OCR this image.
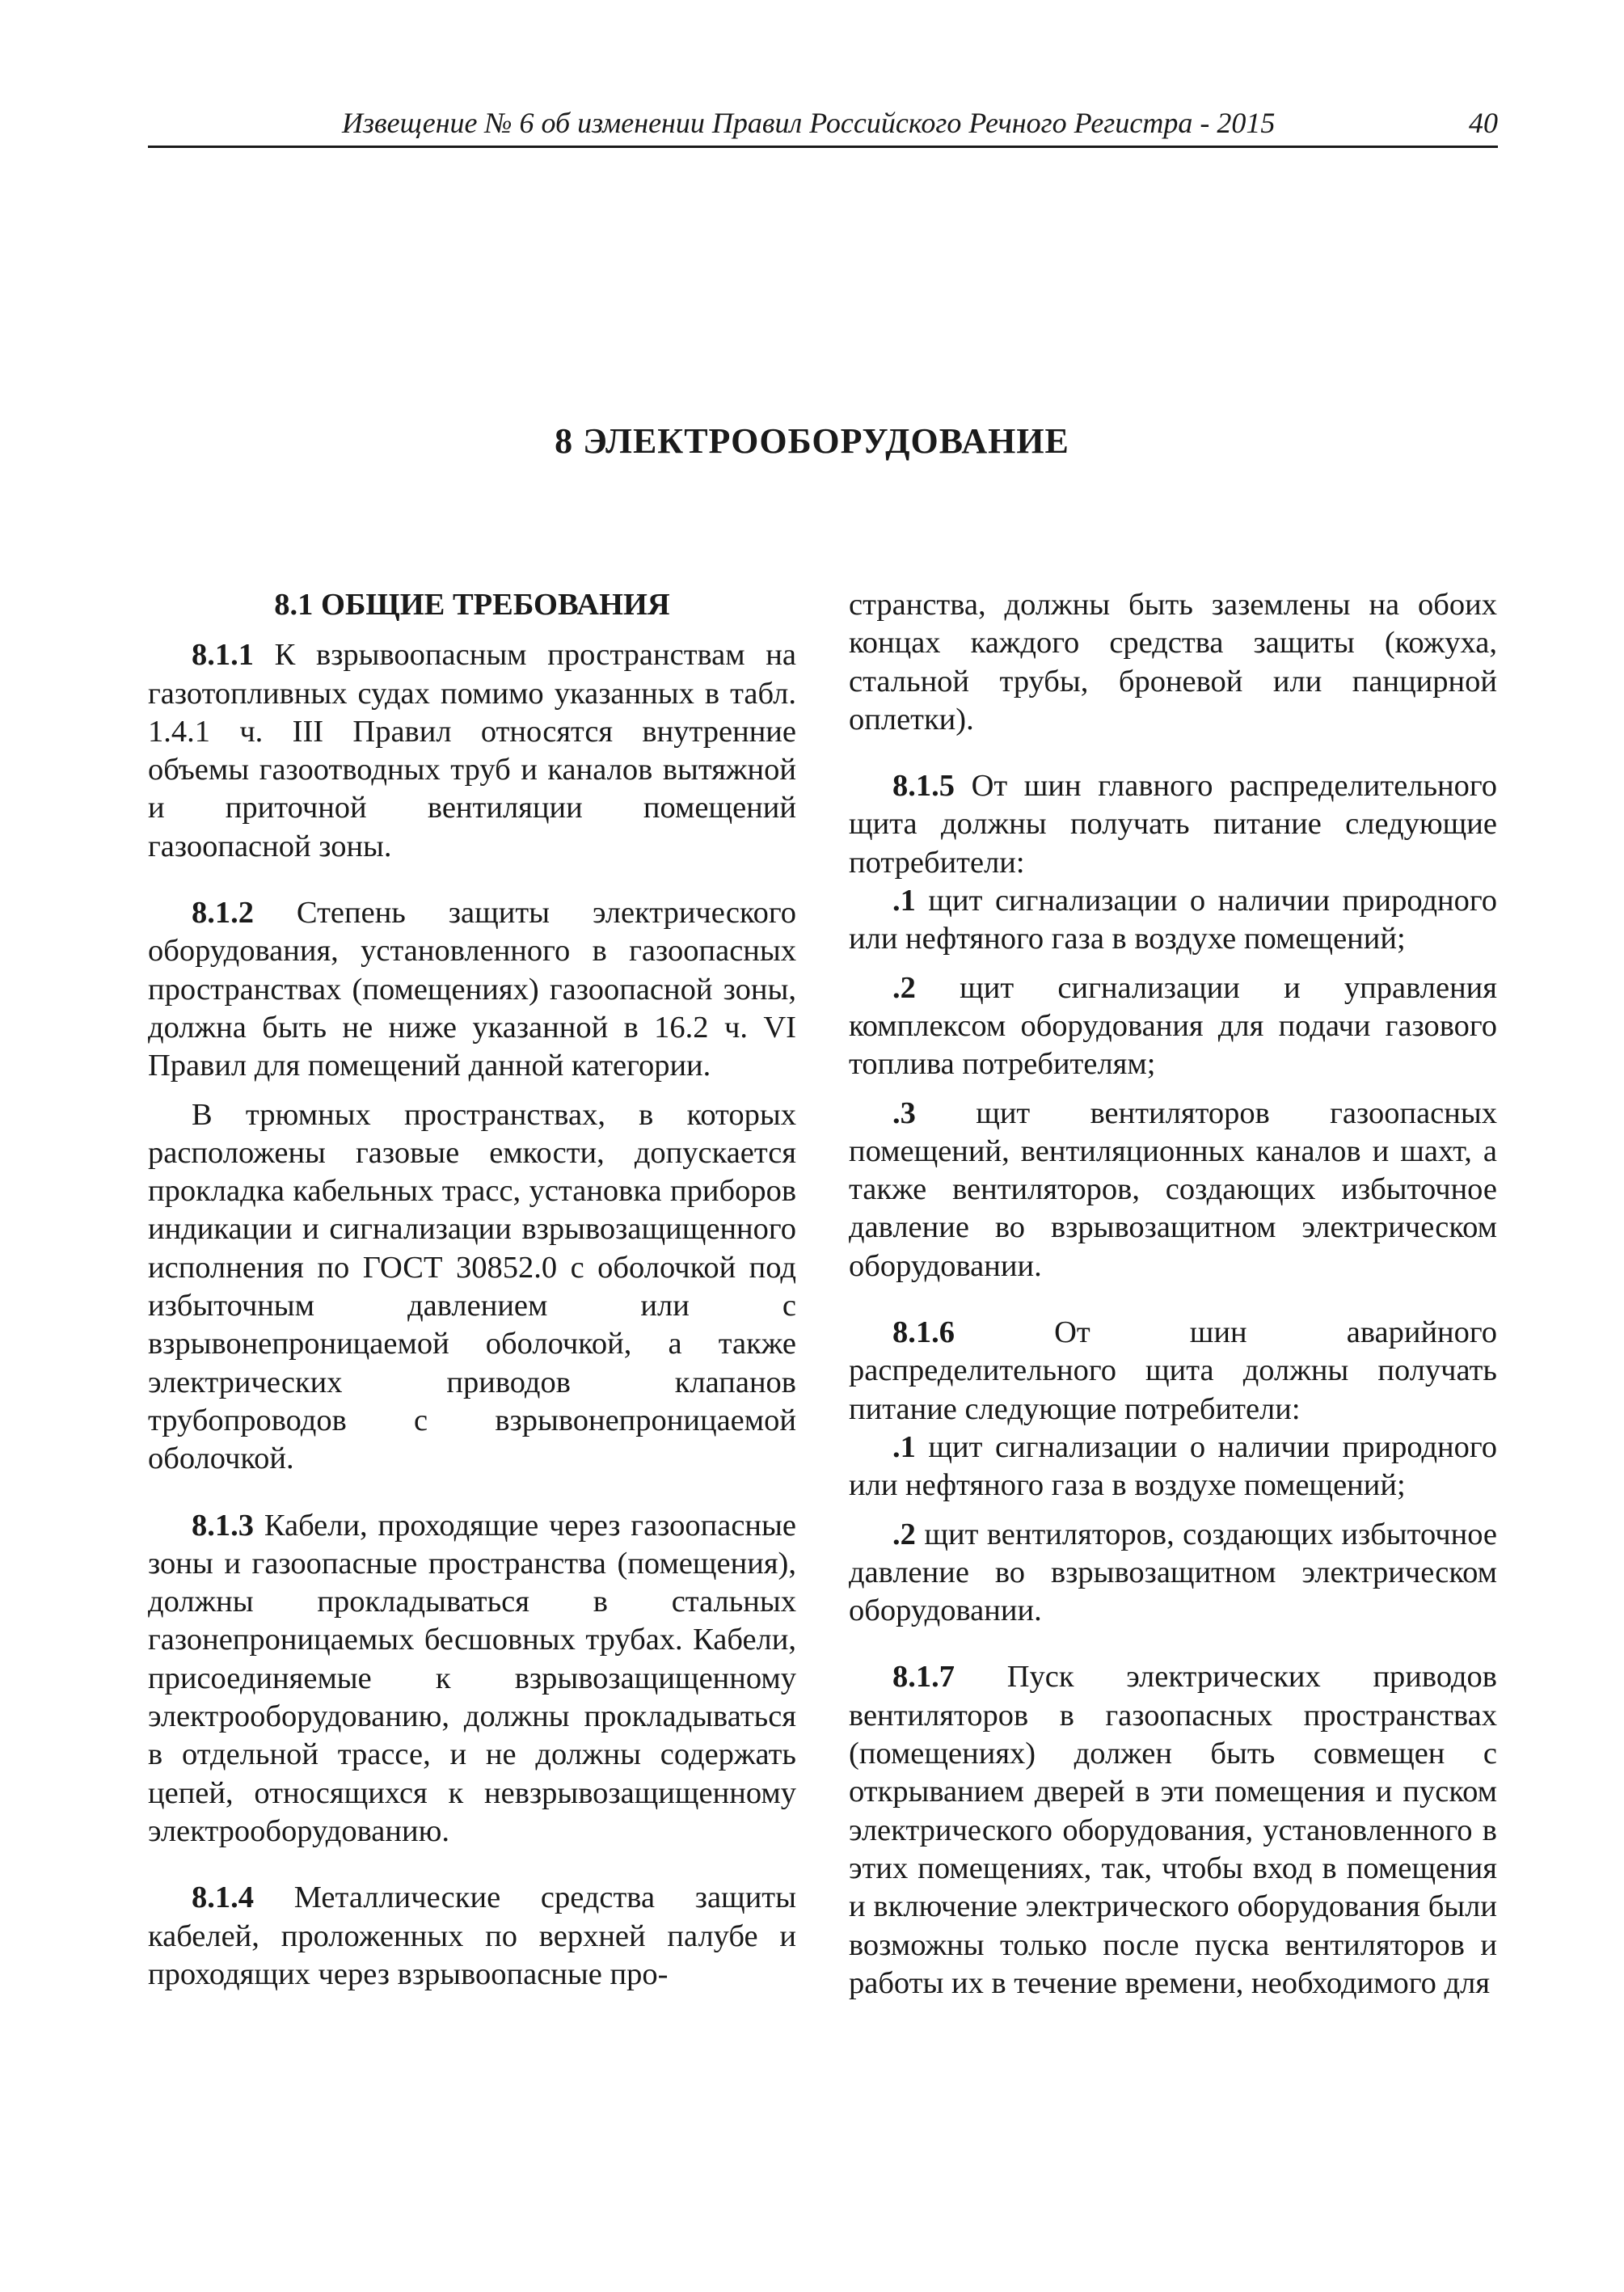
Извещение № 6 об изменении Правил Российского Речного Регистра - 2015	40
8 ЭЛЕКТРООБОРУДОВАНИЕ
8.1 ОБЩИЕ ТРЕБОВАНИЯ

8.1.1 К взрывоопасным пространствам на газотопливных судах помимо указанных в табл. 1.4.1 ч. III Правил относятся внутренние объемы газоотводных труб и каналов вытяжной и приточной вентиляции помещений газоопасной зоны.

8.1.2 Степень защиты электрического оборудования, установленного в газоопасных пространствах (помещениях) газоопасной зоны, должна быть не ниже указанной в 16.2 ч. VI Правил для помещений данной категории.

В трюмных пространствах, в которых расположены газовые емкости, допускается прокладка кабельных трасс, установка приборов индикации и сигнализации взрывозащищенного исполнения по ГОСТ 30852.0 с оболочкой под избыточным давлением или с взрывонепроницаемой оболочкой, а также электрических приводов клапанов трубопроводов с взрывонепроницаемой оболочкой.

8.1.3 Кабели, проходящие через газоопасные зоны и газоопасные пространства (помещения), должны прокладываться в стальных газонепроницаемых бесшовных трубах. Кабели, присоединяемые к взрывозащищенному электрооборудованию, должны прокладываться в отдельной трассе, и не должны содержать цепей, относящихся к невзрывозащищенному электрооборудованию.

8.1.4 Металлические средства защиты кабелей, проложенных по верхней палубе и проходящих через взрывоопасные про-

странства, должны быть заземлены на обоих концах каждого средства защиты (кожуха, стальной трубы, броневой или панцирной оплетки).

8.1.5 От шин главного распределительного щита должны получать питание следующие потребители:

.1 щит сигнализации о наличии природного или нефтяного газа в воздухе помещений;

.2 щит сигнализации и управления комплексом оборудования для подачи газового топлива потребителям;

.3 щит вентиляторов газоопасных помещений, вентиляционных каналов и шахт, а также вентиляторов, создающих избыточное давление во взрывозащитном электрическом оборудовании.

8.1.6 От шин аварийного распределительного щита должны получать питание следующие потребители:

.1 щит сигнализации о наличии природного или нефтяного газа в воздухе помещений;

.2 щит вентиляторов, создающих избыточное давление во взрывозащитном электрическом оборудовании.

8.1.7 Пуск электрических приводов вентиляторов в газоопасных пространствах (помещениях) должен быть совмещен с открыванием дверей в эти помещения и пуском электрического оборудования, установленного в этих помещениях, так, чтобы вход в помещения и включение электрического оборудования были возможны только после пуска вентиляторов и работы их в течение времени, необходимого для
